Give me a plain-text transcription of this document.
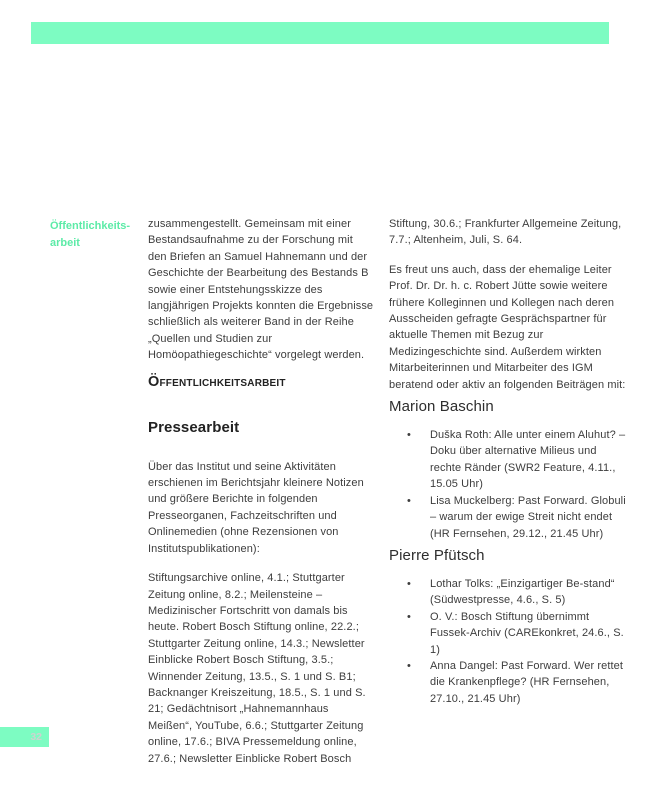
Öffentlichkeits-
arbeit

zusammengestellt. Gemeinsam mit einer Bestandsaufnahme zu der Forschung mit den Briefen an Samuel Hahnemann und der Geschichte der Bearbeitung des Bestands B sowie einer Entstehungsskizze des langjährigen Projekts konnten die Ergebnisse schließlich als weiterer Band in der Reihe „Quellen und Studien zur Homöopathiegeschichte“ vorgelegt werden.

Öffentlichkeitsarbeit
Pressearbeit

Über das Institut und seine Aktivitäten erschienen im Berichtsjahr kleinere Notizen und größere Berichte in folgenden Presseorganen, Fachzeitschriften und Onlinemedien (ohne Rezensionen von Institutspublikationen):

Stiftungsarchive online, 4.1.; Stuttgarter Zeitung online, 8.2.; Meilensteine – Medizinischer Fortschritt von damals bis heute. Robert Bosch Stiftung online, 22.2.; Stuttgarter Zeitung online, 14.3.; Newsletter Einblicke Robert Bosch Stiftung, 3.5.; Winnender Zeitung, 13.5., S. 1 und S. B1; Backnanger Kreiszeitung, 18.5., S. 1 und S. 21; Gedächtnisort „Hahnemannhaus Meißen“, YouTube, 6.6.; Stuttgarter Zeitung online, 17.6.; BIVA Pressemeldung online, 27.6.; Newsletter Einblicke Robert Bosch

Stiftung, 30.6.; Frankfurter Allgemeine Zeitung, 7.7.; Altenheim, Juli, S. 64.

Es freut uns auch, dass der ehemalige Leiter Prof. Dr. Dr. h. c. Robert Jütte sowie weitere frühere Kolleginnen und Kollegen nach deren Ausscheiden gefragte Gesprächspartner für aktuelle Themen mit Bezug zur Medizingeschichte sind. Außerdem wirkten Mitarbeiterinnen und Mitarbeiter des IGM beratend oder aktiv an folgenden Beiträgen mit:

Marion Baschin
• Duška Roth: Alle unter einem Aluhut? – Doku über alternative Milieus und rechte Ränder (SWR2 Feature, 4.11., 15.05 Uhr)
• Lisa Muckelberg: Past Forward. Globuli – warum der ewige Streit nicht endet (HR Fernsehen, 29.12., 21.45 Uhr)
Pierre Pfütsch
• Lothar Tolks: „Einzigartiger Be-stand“ (Südwestpresse, 4.6., S. 5)
• O. V.: Bosch Stiftung übernimmt Fussek-Archiv (CAREkonkret, 24.6., S. 1)
• Anna Dangel: Past Forward. Wer rettet die Krankenpflege? (HR Fernsehen, 27.10., 21.45 Uhr)
32
